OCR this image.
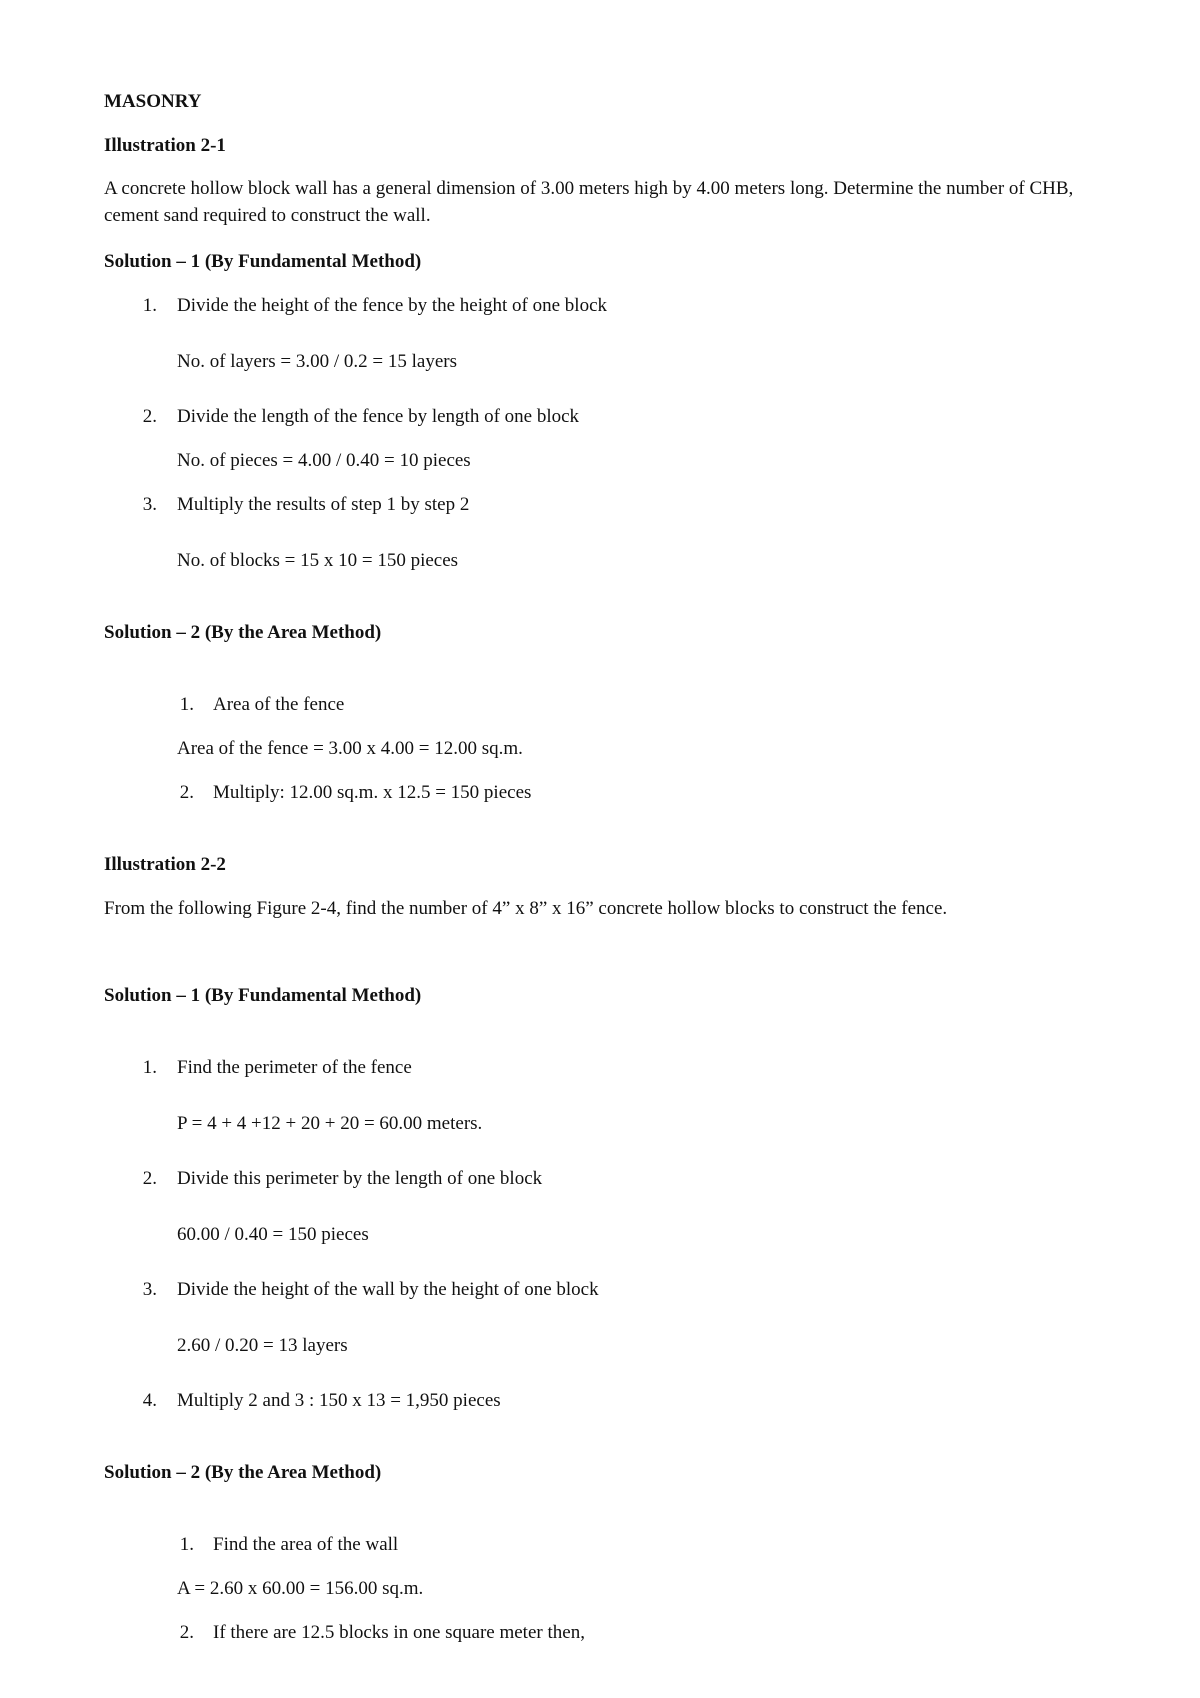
MASONRY
Illustration 2-1
A concrete hollow block wall has a general dimension of 3.00 meters high by 4.00 meters long. Determine the number of CHB, cement sand required to construct the wall.
Solution – 1 (By Fundamental Method)
1. Divide the height of the fence by the height of one block
No. of layers = 3.00 / 0.2 = 15 layers
2. Divide the length of the fence by length of one block
No. of pieces = 4.00 / 0.40 = 10 pieces
3. Multiply the results of step 1 by step 2
No. of blocks = 15 x 10 = 150 pieces
Solution – 2 (By the Area Method)
1. Area of the fence
Area of the fence = 3.00 x 4.00 = 12.00 sq.m.
2. Multiply: 12.00 sq.m. x 12.5 = 150 pieces
Illustration 2-2
From the following Figure 2-4, find the number of 4” x 8” x 16” concrete hollow blocks to construct the fence.
Solution – 1 (By Fundamental Method)
1. Find the perimeter of the fence
P = 4 + 4 +12 + 20 + 20 = 60.00 meters.
2. Divide this perimeter by the length of one block
60.00 / 0.40 = 150 pieces
3. Divide the height of the wall by the height of one block
2.60 / 0.20 = 13 layers
4. Multiply 2 and 3 : 150 x 13 = 1,950 pieces
Solution – 2 (By the Area Method)
1. Find the area of the wall
A = 2.60 x 60.00 = 156.00 sq.m.
2. If there are 12.5 blocks in one square meter then,
